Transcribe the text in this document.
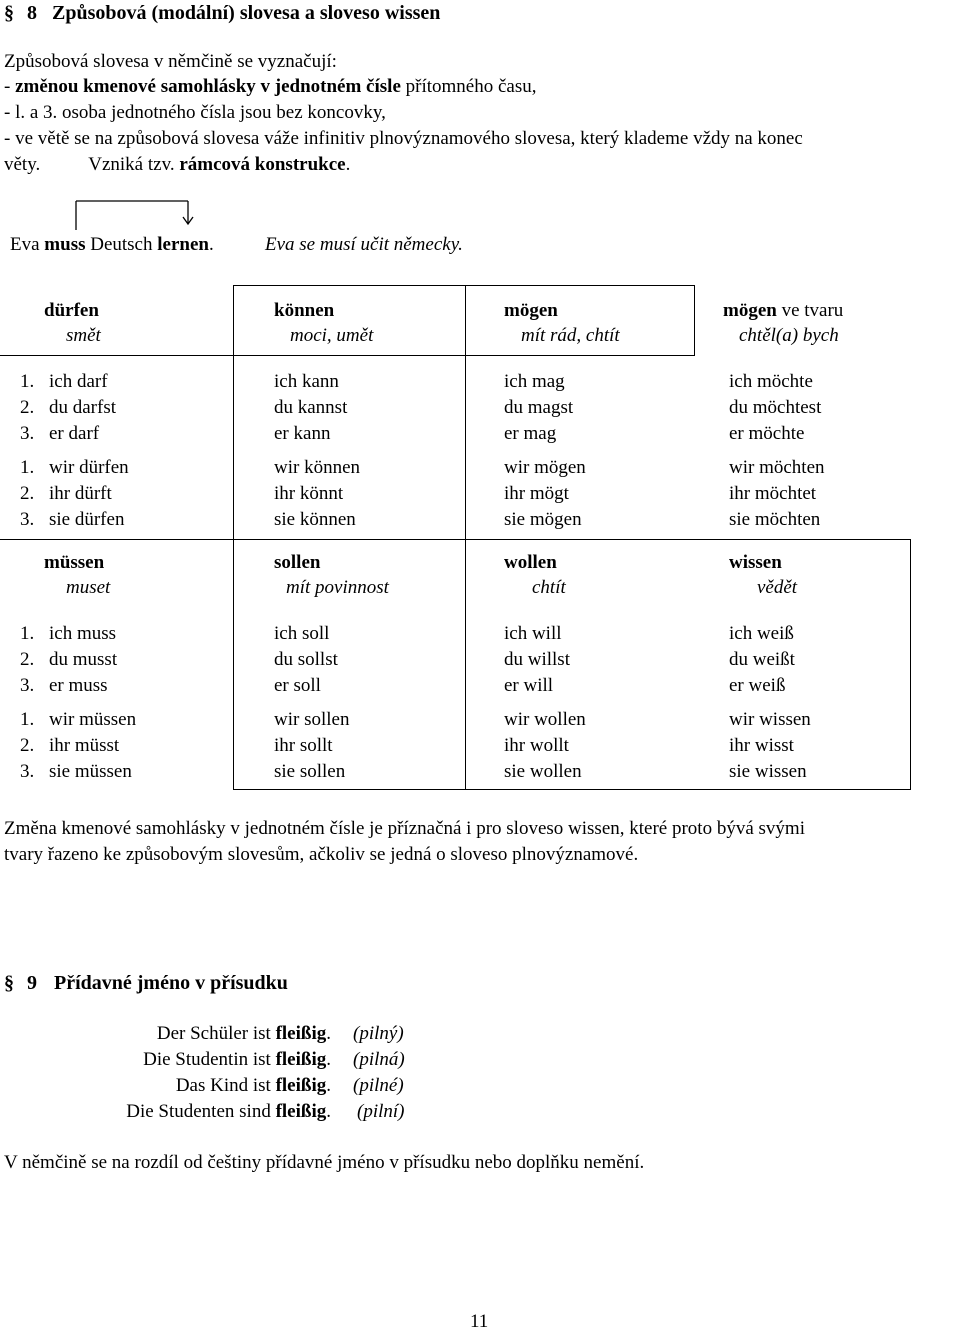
§ 8 Způsobová (modální) slovesa a sloveso wissen
Způsobová slovesa v němčině se vyznačují:
- změnou kmenové samohlásky v jednotném čísle přítomného času,
- l. a 3. osoba jednotného čísla jsou bez koncovky,
- ve větě se na způsobová slovesa váže infinitiv plnovýznamového slovesa, který klademe vždy na konec
věty.	Vzniká tzv. rámcová konstrukce.
Eva muss Deutsch lernen.	Eva se musí učit německy.
dürfen
smět
können
moci, umět
mögen
mít rád, chtít
mögen ve tvaru
chtěl(a) bych
1.
2.
3.
1.
2.
3.
ich darf
du darfst
er darf
wir dürfen
ihr dürft
sie dürfen
ich kann
du kannst
er kann
wir können
ihr könnt
sie können
ich mag
du magst
er mag
wir mögen
ihr mögt
sie mögen
ich möchte
du möchtest
er möchte
wir möchten
ihr möchtet
sie möchten
müssen
muset
sollen
mít povinnost
wollen
chtít
wissen
vědět
1.
2.
3.
1.
2.
3.
ich muss
du musst
er muss
wir müssen
ihr müsst
sie müssen
ich soll
du sollst
er soll
wir sollen
ihr sollt
sie sollen
ich will
du willst
er will
wir wollen
ihr wollt
sie wollen
ich weiß
du weißt
er weiß
wir wissen
ihr wisst
sie wissen
Změna kmenové samohlásky v jednotném čísle je příznačná i pro sloveso wissen, které proto bývá svými
tvary řazeno ke způsobovým slovesům, ačkoliv se jedná o sloveso plnovýznamové.
§ 9 Přídavné jméno v přísudku
Der Schüler ist fleißig.
Die Studentin ist fleißig.
Das Kind ist fleißig.
Die Studenten sind fleißig.
(pilný)
(pilná)
(pilné)
(pilní)
V němčině se na rozdíl od češtiny přídavné jméno v přísudku nebo doplňku nemění.
11
